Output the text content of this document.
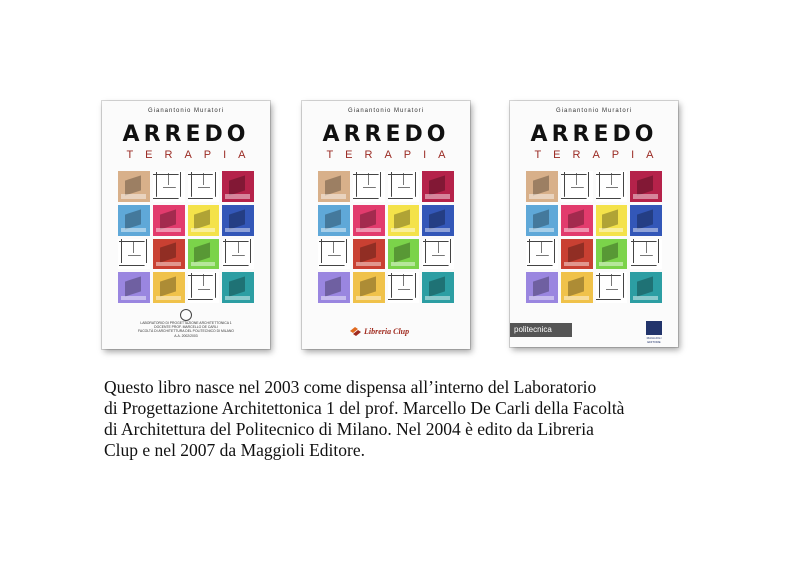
Gianantonio Muratori
ARREDO
TERAPIA
LABORATORIO DI PROGETTAZIONE ARCHITETTONICA 1
DOCENTE PROF. MARCELLO DE CARLI
FACOLTÀ DI ARCHITETTURA DEL POLITECNICO DI MILANO
A.A. 2002/2003
Gianantonio Muratori
ARREDO
TERAPIA
Libreria Clup
Gianantonio Muratori
ARREDO
TERAPIA
politecnica
MAGGIOLI EDITORE
Questo libro nasce nel 2003 come dispensa all’interno del Laboratorio
di Progettazione Architettonica 1 del prof. Marcello De Carli della Facoltà
di Architettura del Politecnico di Milano. Nel 2004 è edito da Libreria
Clup e nel 2007 da Maggioli Editore.
